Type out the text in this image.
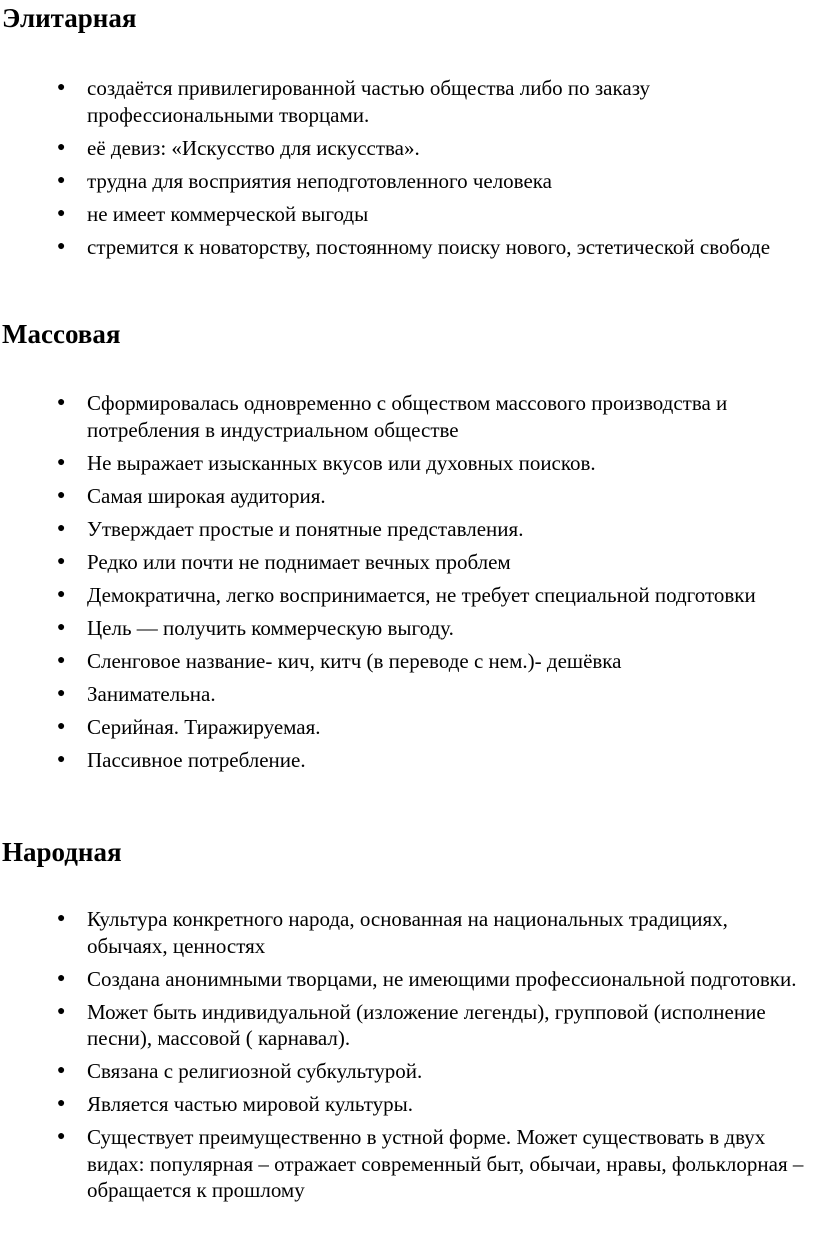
Элитарная
● создаётся привилегированной частью общества либо по заказу профессиональными творцами.
● её девиз: «Искусство для искусства».
● трудна для восприятия неподготовленного человека
● не имеет коммерческой выгоды
● стремится к новаторству, постоянному поиску нового, эстетической свободе
Массовая
● Сформировалась одновременно с обществом массового производства и потребления в индустриальном обществе
● Не выражает изысканных вкусов или духовных поисков.
● Самая широкая аудитория.
● Утверждает простые и понятные представления.
● Редко или почти не поднимает вечных проблем
● Демократична, легко воспринимается, не требует специальной подготовки
● Цель — получить коммерческую выгоду.
● Сленговое название- кич, китч (в переводе с нем.)- дешёвка
● Занимательна.
● Серийная. Тиражируемая.
● Пассивное потребление.
Народная
● Культура конкретного народа, основанная на национальных традициях, обычаях, ценностях
● Создана анонимными творцами, не имеющими профессиональной подготовки.
● Может быть индивидуальной (изложение легенды), групповой (исполнение песни), массовой ( карнавал).
● Связана с религиозной субкультурой.
● Является частью мировой культуры.
● Существует преимущественно в устной форме. Может существовать в двух видах: популярная – отражает современный быт, обычаи, нравы, фольклорная – обращается к прошлому
